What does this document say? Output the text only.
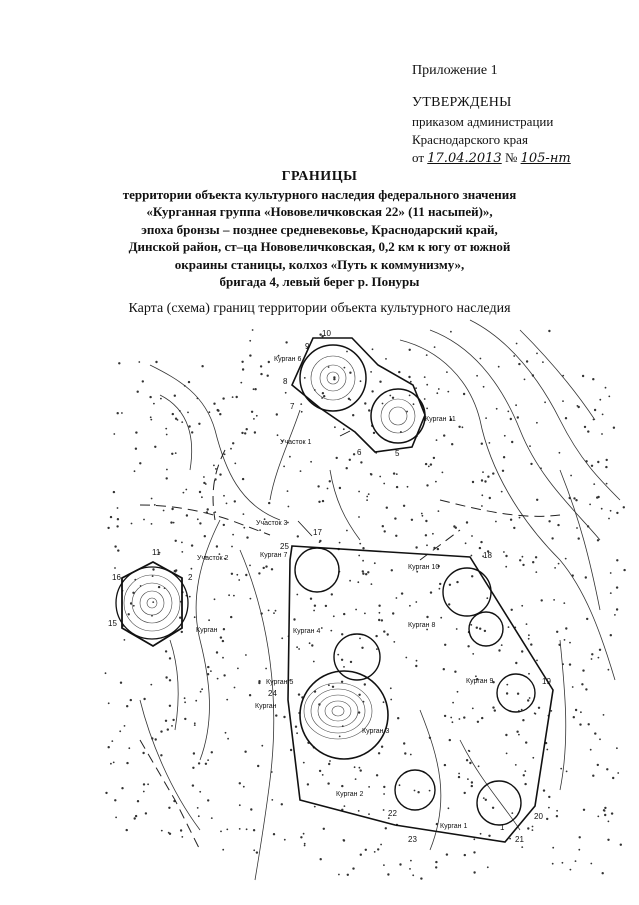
Приложение 1
УТВЕРЖДЕНЫ
приказом администрации
Краснодарского края
от 17.04.2013 № 105-нт
ГРАНИЦЫ
территории объекта культурного наследия федерального значения
«Курганная группа «Нововеличковская 22» (11 насыпей)»,
эпоха бронзы – позднее средневековье, Краснодарский край,
Динской район, ст–ца Нововеличковская, 0,2 км к югу от южной
окраины станицы, колхоз «Путь к коммунизму»,
бригада 4, левый берег р. Понуры
Карта (схема) границ территории объекта культурного наследия
Курган 6
Курган 11
Участок 1
Участок 3
Участок 2	Курган 7
Курган 10
Курган 8
Курган 4
Курган 9
Курган 5
Курган 3
Курган 2
Курган 1
Курган
Курган
10
9
8
7
6	5
11
16	2
15
17
25
18
19
24
20
21
22
23
1
